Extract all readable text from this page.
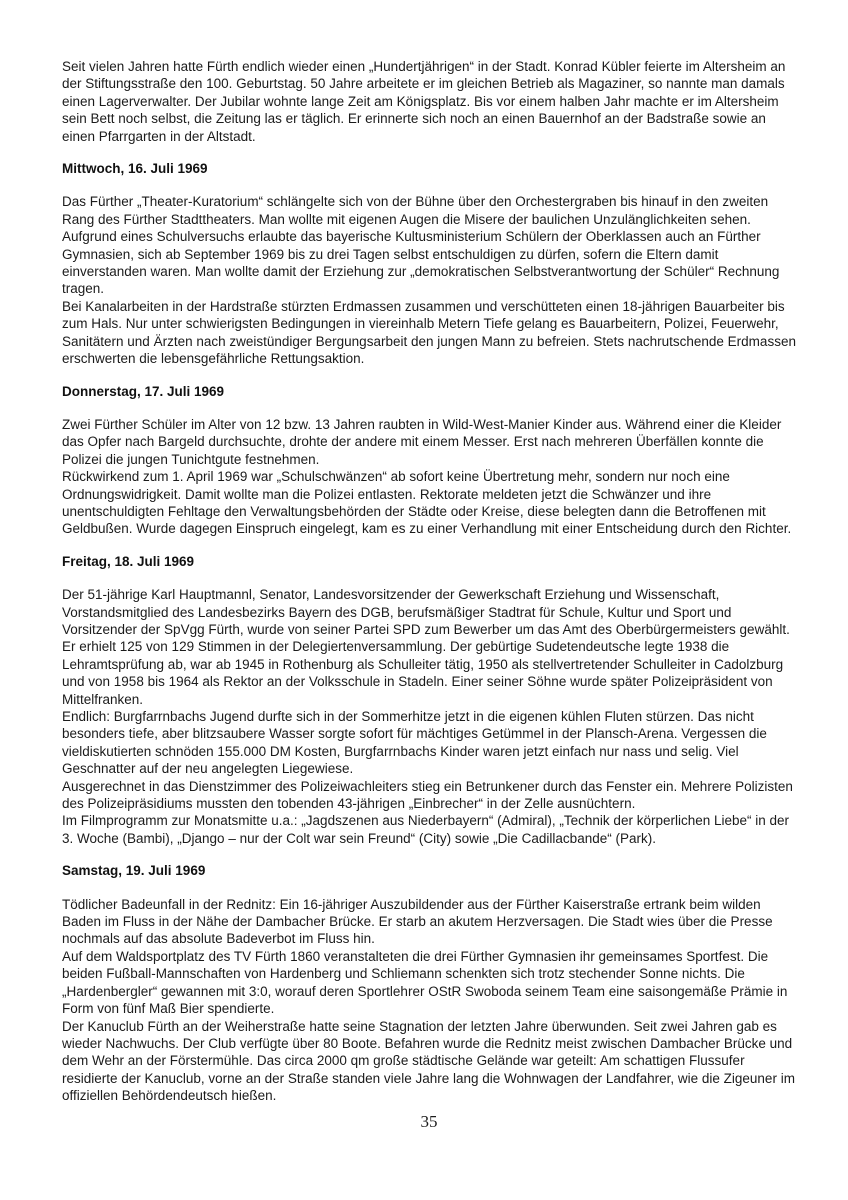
Seit vielen Jahren hatte Fürth endlich wieder einen „Hundertjährigen“ in der Stadt. Konrad Kübler feierte im Altersheim an der Stiftungsstraße den 100. Geburtstag. 50 Jahre arbeitete er im gleichen Betrieb als Magaziner, so nannte man damals einen Lagerverwalter. Der Jubilar wohnte lange Zeit am Königsplatz. Bis vor einem halben Jahr machte er im Altersheim sein Bett noch selbst, die Zeitung las er täglich. Er erinnerte sich noch an einen Bauernhof an der Badstraße sowie an einen Pfarrgarten in der Altstadt.

Mittwoch, 16. Juli 1969

Das Fürther „Theater-Kuratorium“ schlängelte sich von der Bühne über den Orchestergraben bis hinauf in den zweiten Rang des Fürther Stadttheaters. Man wollte mit eigenen Augen die Misere der baulichen Unzulänglichkeiten sehen.

Aufgrund eines Schulversuchs erlaubte das bayerische Kultusministerium Schülern der Oberklassen auch an Fürther Gymnasien, sich ab September 1969 bis zu drei Tagen selbst entschuldigen zu dürfen, sofern die Eltern damit einverstanden waren. Man wollte damit der Erziehung zur „demokratischen Selbstverantwortung der Schüler“ Rechnung tragen.

Bei Kanalarbeiten in der Hardstraße stürzten Erdmassen zusammen und verschütteten einen 18-jährigen Bauarbeiter bis zum Hals. Nur unter schwierigsten Bedingungen in viereinhalb Metern Tiefe gelang es Bauarbeitern, Polizei, Feuerwehr, Sanitätern und Ärzten nach zweistündiger Bergungsarbeit den jungen Mann zu befreien. Stets nachrutschende Erdmassen erschwerten die lebensgefährliche Rettungsaktion.

Donnerstag, 17. Juli 1969

Zwei Fürther Schüler im Alter von 12 bzw. 13 Jahren raubten in Wild-West-Manier Kinder aus. Während einer die Kleider das Opfer nach Bargeld durchsuchte, drohte der andere mit einem Messer. Erst nach mehreren Überfällen konnte die Polizei die jungen Tunichtgute festnehmen.

Rückwirkend zum 1. April 1969 war „Schulschwänzen“ ab sofort keine Übertretung mehr, sondern nur noch eine Ordnungswidrigkeit. Damit wollte man die Polizei entlasten. Rektorate meldeten jetzt die Schwänzer und ihre unentschuldigten Fehltage den Verwaltungsbehörden der Städte oder Kreise, diese belegten dann die Betroffenen mit Geldbußen. Wurde dagegen Einspruch eingelegt, kam es zu einer Verhandlung mit einer Entscheidung durch den Richter.

Freitag, 18. Juli 1969

Der 51-jährige Karl Hauptmannl, Senator, Landesvorsitzender der Gewerkschaft Erziehung und Wissenschaft, Vorstandsmitglied des Landesbezirks Bayern des DGB, berufsmäßiger Stadtrat für Schule, Kultur und Sport und Vorsitzender der SpVgg Fürth, wurde von seiner Partei SPD zum Bewerber um das Amt des Oberbürgermeisters gewählt. Er erhielt 125 von 129 Stimmen in der Delegiertenversammlung. Der gebürtige Sudetendeutsche legte 1938 die Lehramtsprüfung ab, war ab 1945 in Rothenburg als Schulleiter tätig, 1950 als stellvertretender Schulleiter in Cadolzburg und von 1958 bis 1964 als Rektor an der Volksschule in Stadeln. Einer seiner Söhne wurde später Polizeipräsident von Mittelfranken.

Endlich: Burgfarrnbachs Jugend durfte sich in der Sommerhitze jetzt in die eigenen kühlen Fluten stürzen. Das nicht besonders tiefe, aber blitzsaubere Wasser sorgte sofort für mächtiges Getümmel in der Plansch-Arena. Vergessen die vieldiskutierten schnöden 155.000 DM Kosten, Burgfarrnbachs Kinder waren jetzt einfach nur nass und selig. Viel Geschnatter auf der neu angelegten Liegewiese.

Ausgerechnet in das Dienstzimmer des Polizeiwachleiters stieg ein Betrunkener durch das Fenster ein. Mehrere Polizisten des Polizeipräsidiums mussten den tobenden 43-jährigen „Einbrecher“ in der Zelle ausnüchtern.

Im Filmprogramm zur Monatsmitte u.a.: „Jagdszenen aus Niederbayern“ (Admiral), „Technik der körperlichen Liebe“ in der 3. Woche (Bambi), „Django – nur der Colt war sein Freund“ (City) sowie „Die Cadillacbande“ (Park).

Samstag, 19. Juli 1969

Tödlicher Badeunfall in der Rednitz: Ein 16-jähriger Auszubildender aus der Fürther Kaiserstraße ertrank beim wilden Baden im Fluss in der Nähe der Dambacher Brücke. Er starb an akutem Herzversagen. Die Stadt wies über die Presse nochmals auf das absolute Badeverbot im Fluss hin.

Auf dem Waldsportplatz des TV Fürth 1860 veranstalteten die drei Fürther Gymnasien ihr gemeinsames Sportfest. Die beiden Fußball-Mannschaften von Hardenberg und Schliemann schenkten sich trotz stechender Sonne nichts. Die „Hardenbergler“ gewannen mit 3:0, worauf deren Sportlehrer OStR Swoboda seinem Team eine saisongemäße Prämie in Form von fünf Maß Bier spendierte.

Der Kanuclub Fürth an der Weiherstraße hatte seine Stagnation der letzten Jahre überwunden. Seit zwei Jahren gab es wieder Nachwuchs. Der Club verfügte über 80 Boote. Befahren wurde die Rednitz meist zwischen Dambacher Brücke und dem Wehr an der Förstermühle. Das circa 2000 qm große städtische Gelände war geteilt: Am schattigen Flussufer residierte der Kanuclub, vorne an der Straße standen viele Jahre lang die Wohnwagen der Landfahrer, wie die Zigeuner im offiziellen Behördendeutsch hießen.

35
